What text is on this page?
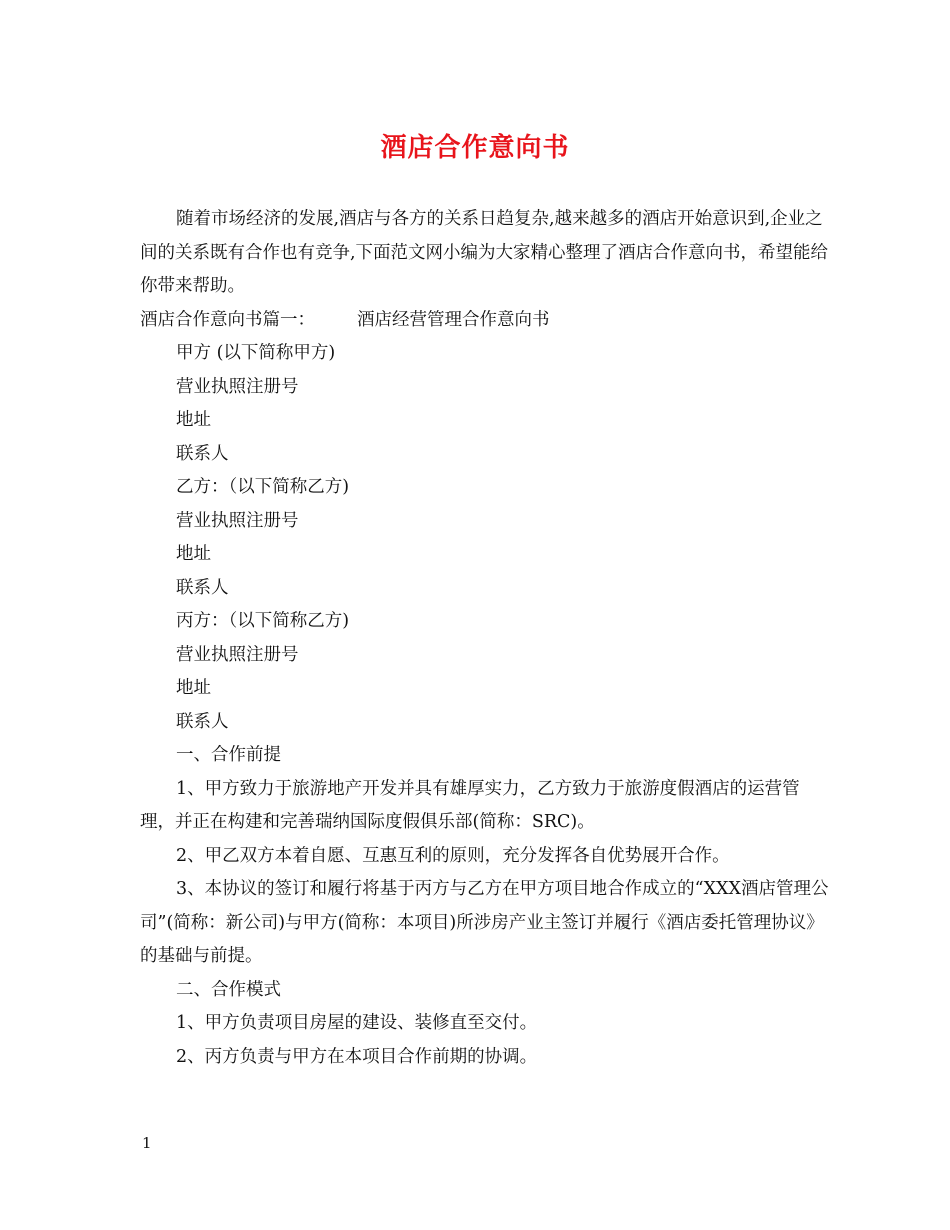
酒店合作意向书

随着市场经济的发展,酒店与各方的关系日趋复杂,越来越多的酒店开始意识到,企业之间的关系既有合作也有竞争,下面范文网小编为大家精心整理了酒店合作意向书，希望能给你带来帮助。

酒店合作意向书篇一： 酒店经营管理合作意向书

甲方 (以下简称甲方)

营业执照注册号

地址

联系人

乙方：（以下简称乙方)

营业执照注册号

地址

联系人

丙方：（以下简称乙方)

营业执照注册号

地址

联系人

一、合作前提

1、甲方致力于旅游地产开发并具有雄厚实力，乙方致力于旅游度假酒店的运营管理，并正在构建和完善瑞纳国际度假俱乐部(简称：SRC)。

2、甲乙双方本着自愿、互惠互利的原则，充分发挥各自优势展开合作。

3、本协议的签订和履行将基于丙方与乙方在甲方项目地合作成立的“XXX酒店管理公司”(简称：新公司)与甲方(简称：本项目)所涉房产业主签订并履行《酒店委托管理协议》的基础与前提。

二、合作模式

1、甲方负责项目房屋的建设、装修直至交付。

2、丙方负责与甲方在本项目合作前期的协调。

1
